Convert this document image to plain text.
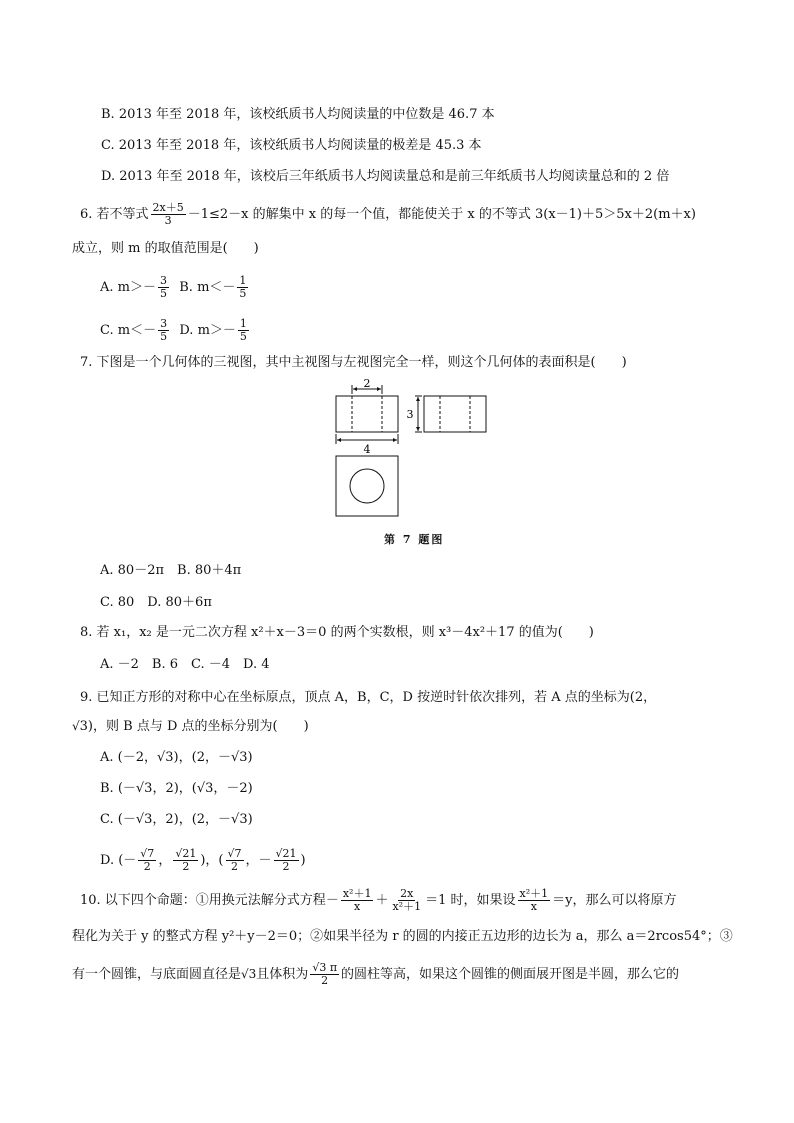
B. 2013 年至 2018 年，该校纸质书人均阅读量的中位数是 46.7 本
C. 2013 年至 2018 年，该校纸质书人均阅读量的极差是 45.3 本
D. 2013 年至 2018 年，该校后三年纸质书人均阅读量总和是前三年纸质书人均阅读量总和的 2 倍
6. 若不等式 $\frac{2x+5}{3} -1\le 2-x$ 的解集中 x 的每一个值，都能使关于 x 的不等式 3(x－1)＋5＞5x＋2(m＋x)
成立，则 m 的取值范围是(　　)
A. $m>- \frac{3}{5} B$. $m<- \frac{1}{5}$
C. $m<- \frac{3}{5} D$. $m>- \frac{1}{5}$
7. 下图是一个几何体的三视图，其中主视图与左视图完全一样，则这个几何体的表面积是(　　)
2
4
3
第 7 题图
A. 80－2π　B. 80＋4π
C. 80　D. 80＋6π
8. 若 x₁，x₂ 是一元二次方程 x²＋x－3＝0 的两个实数根，则 x³－4x²＋17 的值为(　　)
A. －2　B. 6　C. －4　D. 4
9. 已知正方形的对称中心在坐标原点，顶点 A，B，C，D 按逆时针依次排列，若 A 点的坐标为(2，
√3)，则 B 点与 D 点的坐标分别为(　　)
A. (－2，√3)，(2，－√3)
B. (－√3，2)，(√3，－2)
C. (－√3，2)，(2，－√3)
D. (－ $\frac{√7}{2}$ ， $\frac{√21}{2}$ )，( $\frac{√7}{2}$ ，－ $\frac{√21}{2}$ )
10. 以下四个命题：①用换元法解分式方程－ $\frac{\text{x²＋1}}{x} + \frac{2x}{\text{x²＋1}} =1$ 时，如果设 $\frac{\text{x²＋1}}{x} =y$，那么可以将原方
程化为关于 y 的整式方程 y²＋y－2＝0；②如果半径为 r 的圆的内接正五边形的边长为 a，那么 a＝2rcos54°；③
有一个圆锥，与底面圆直径是√3且体积为 $\frac{√3 \pi}{2}$ 的圆柱等高，如果这个圆锥的侧面展开图是半圆，那么它的
